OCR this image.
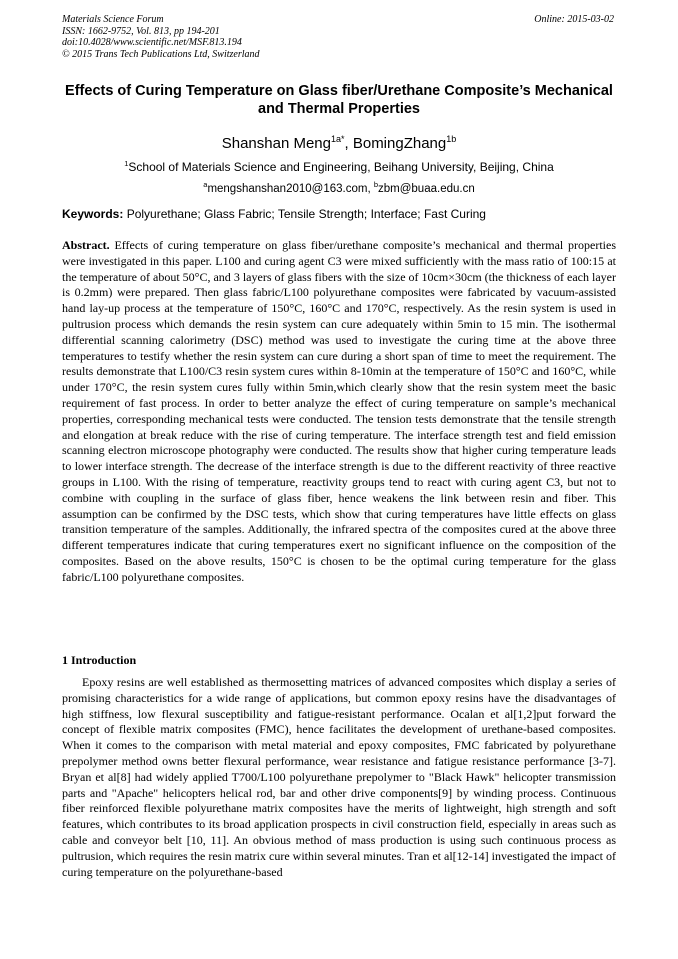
Materials Science Forum
ISSN: 1662-9752, Vol. 813, pp 194-201
doi:10.4028/www.scientific.net/MSF.813.194
© 2015 Trans Tech Publications Ltd, Switzerland
Online: 2015-03-02
Effects of Curing Temperature on Glass fiber/Urethane Composite’s Mechanical and Thermal Properties
Shanshan Meng$^{1a*}$, BomingZhang$^{1b}$
$^1$School of Materials Science and Engineering, Beihang University, Beijing, China
$^a$mengshanshan2010@163.com, $^b$zbm@buaa.edu.cn
Keywords: Polyurethane; Glass Fabric; Tensile Strength; Interface; Fast Curing
Abstract. Effects of curing temperature on glass fiber/urethane composite’s mechanical and thermal properties were investigated in this paper. L100 and curing agent C3 were mixed sufficiently with the mass ratio of 100:15 at the temperature of about 50°C, and 3 layers of glass fibers with the size of 10cm×30cm (the thickness of each layer is 0.2mm) were prepared. Then glass fabric/L100 polyurethane composites were fabricated by vacuum-assisted hand lay-up process at the temperature of 150°C, 160°C and 170°C, respectively. As the resin system is used in pultrusion process which demands the resin system can cure adequately within 5min to 15 min. The isothermal differential scanning calorimetry (DSC) method was used to investigate the curing time at the above three temperatures to testify whether the resin system can cure during a short span of time to meet the requirement. The results demonstrate that L100/C3 resin system cures within 8-10min at the temperature of 150°C and 160°C, while under 170°C, the resin system cures fully within 5min,which clearly show that the resin system meet the basic requirement of fast process. In order to better analyze the effect of curing temperature on sample’s mechanical properties, corresponding mechanical tests were conducted. The tension tests demonstrate that the tensile strength and elongation at break reduce with the rise of curing temperature. The interface strength test and field emission scanning electron microscope photography were conducted. The results show that higher curing temperature leads to lower interface strength. The decrease of the interface strength is due to the different reactivity of three reactive groups in L100. With the rising of temperature, reactivity groups tend to react with curing agent C3, but not to combine with coupling in the surface of glass fiber, hence weakens the link between resin and fiber. This assumption can be confirmed by the DSC tests, which show that curing temperatures have little effects on glass transition temperature of the samples. Additionally, the infrared spectra of the composites cured at the above three different temperatures indicate that curing temperatures exert no significant influence on the composition of the composites. Based on the above results, 150°C is chosen to be the optimal curing temperature for the glass fabric/L100 polyurethane composites.
1 Introduction
Epoxy resins are well established as thermosetting matrices of advanced composites which display a series of promising characteristics for a wide range of applications, but common epoxy resins have the disadvantages of high stiffness, low flexural susceptibility and fatigue-resistant performance. Ocalan et al[1,2]put forward the concept of flexible matrix composites (FMC), hence facilitates the development of urethane-based composites. When it comes to the comparison with metal material and epoxy composites, FMC fabricated by polyurethane prepolymer method owns better flexural performance, wear resistance and fatigue resistance performance [3-7]. Bryan et al[8] had widely applied T700/L100 polyurethane prepolymer to "Black Hawk" helicopter transmission parts and "Apache" helicopters helical rod, bar and other drive components[9] by winding process. Continuous fiber reinforced flexible polyurethane matrix composites have the merits of lightweight, high strength and soft features, which contributes to its broad application prospects in civil construction field, especially in areas such as cable and conveyor belt [10, 11]. An obvious method of mass production is using such continuous process as pultrusion, which requires the resin matrix cure within several minutes. Tran et al[12-14] investigated the impact of curing temperature on the polyurethane-based
